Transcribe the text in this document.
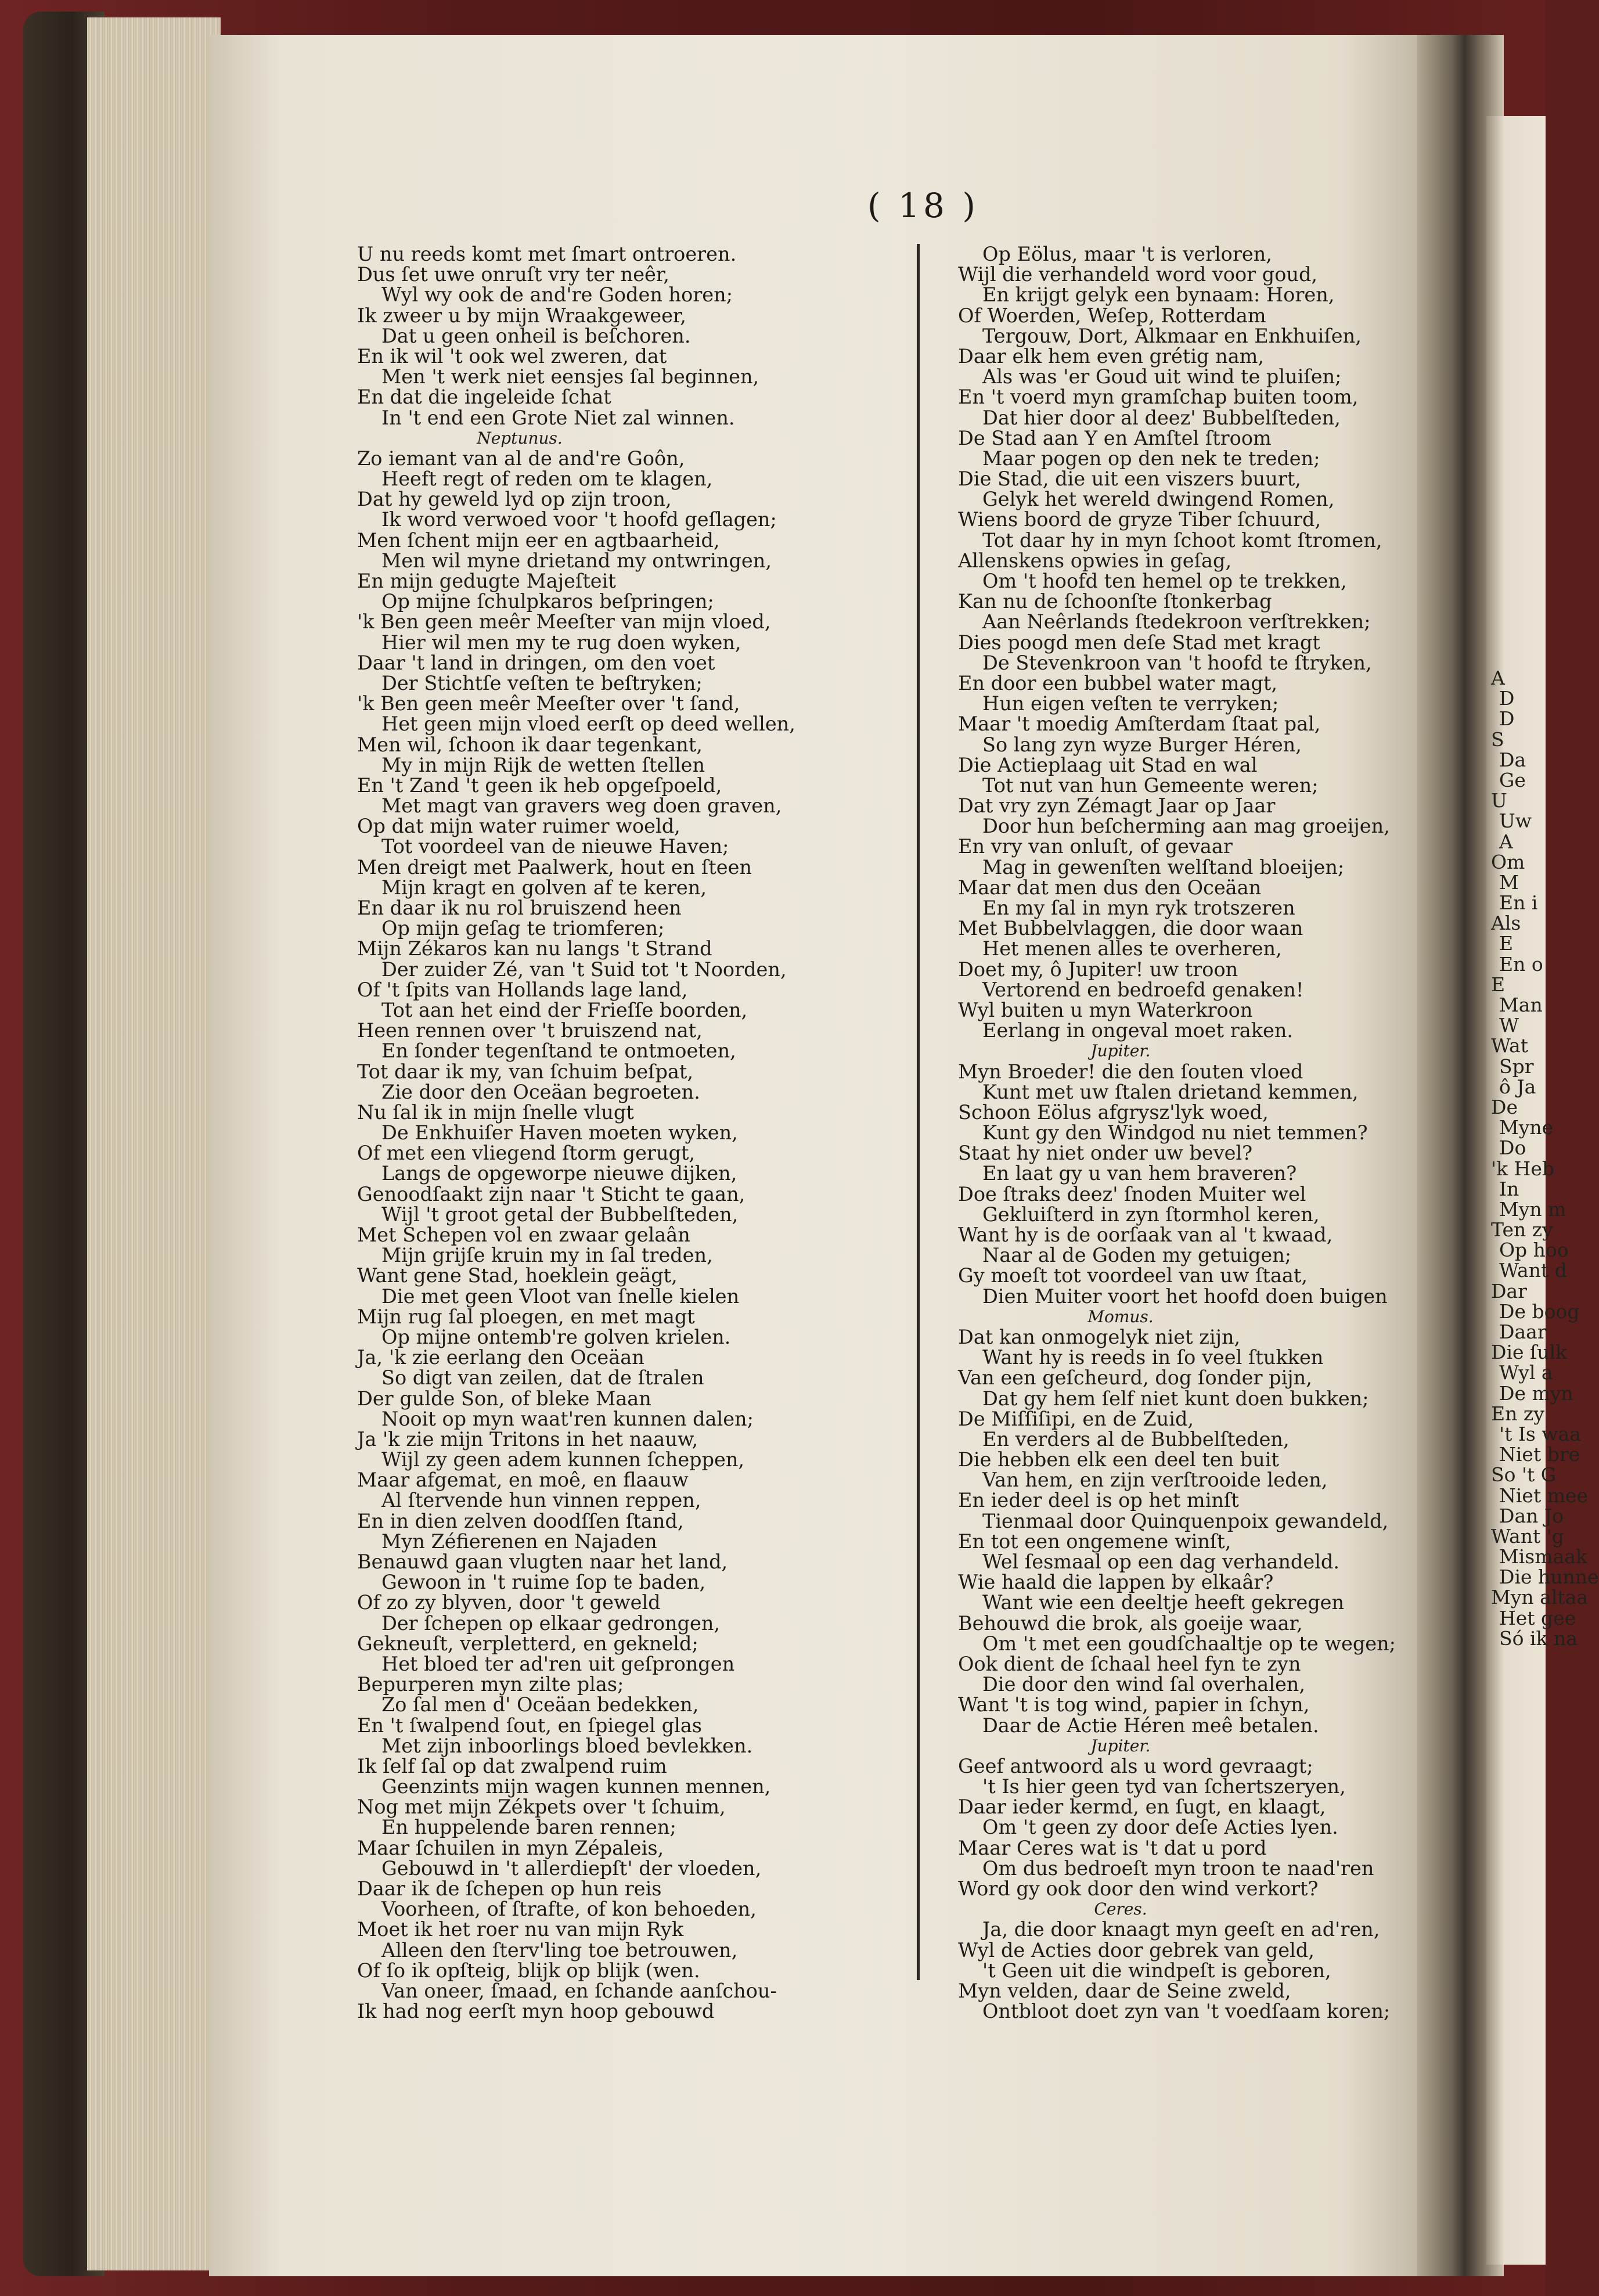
A
D
D
S
Da
Ge
U
Uw
A
Om
M
En i
Als
E
En o
E
Man
W
Wat
Spr
ô Ja
De
Myne
Do
'k Heb
In
Myn m
Ten zy
Op hoo
Want d
Dar
De boog
Daar
Die ſulk
Wyl a
De myn
En zy
't Is waa
Niet bre
So 't G
Niet mee
Dan Jo
Want 'g
Mismaak
Die hunne
Myn altaa
Het gee
Só ik na
( 18 )
U nu reeds komt met ſmart ontroeren.
Dus ſet uwe onruſt vry ter neêr,
Wyl wy ook de and're Goden horen;
Ik zweer u by mijn Wraakgeweer,
Dat u geen onheil is beſchoren.
En ik wil 't ook wel zweren, dat
Men 't werk niet eensjes ſal beginnen,
En dat die ingeleide ſchat
In 't end een Grote Niet zal winnen.
Neptunus.
Zo iemant van al de and're Goôn,
Heeft regt of reden om te klagen,
Dat hy geweld lyd op zijn troon,
Ik word verwoed voor 't hoofd geſlagen;
Men ſchent mijn eer en agtbaarheid,
Men wil myne drietand my ontwringen,
En mijn gedugte Majeſteit
Op mijne ſchulpkaros beſpringen;
'k Ben geen meêr Meeſter van mijn vloed,
Hier wil men my te rug doen wyken,
Daar 't land in dringen, om den voet
Der Stichtſe veſten te beſtryken;
'k Ben geen meêr Meeſter over 't ſand,
Het geen mijn vloed eerſt op deed wellen,
Men wil, ſchoon ik daar tegenkant,
My in mijn Rijk de wetten ſtellen
En 't Zand 't geen ik heb opgeſpoeld,
Met magt van gravers weg doen graven,
Op dat mijn water ruimer woeld,
Tot voordeel van de nieuwe Haven;
Men dreigt met Paalwerk, hout en ſteen
Mijn kragt en golven af te keren,
En daar ik nu rol bruiszend heen
Op mijn geſag te triomferen;
Mijn Zékaros kan nu langs 't Strand
Der zuider Zé, van 't Suid tot 't Noorden,
Of 't ſpits van Hollands lage land,
Tot aan het eind der Frieſſe boorden,
Heen rennen over 't bruiszend nat,
En ſonder tegenſtand te ontmoeten,
Tot daar ik my, van ſchuim beſpat,
Zie door den Oceäan begroeten.
Nu ſal ik in mijn ſnelle vlugt
De Enkhuiſer Haven moeten wyken,
Of met een vliegend ſtorm gerugt,
Langs de opgeworpe nieuwe dijken,
Genoodſaakt zijn naar 't Sticht te gaan,
Wijl 't groot getal der Bubbelſteden,
Met Schepen vol en zwaar gelaân
Mijn grijſe kruin my in ſal treden,
Want gene Stad, hoeklein geägt,
Die met geen Vloot van ſnelle kielen
Mijn rug ſal ploegen, en met magt
Op mijne ontemb're golven krielen.
Ja, 'k zie eerlang den Oceäan
So digt van zeilen, dat de ſtralen
Der gulde Son, of bleke Maan
Nooit op myn waat'ren kunnen dalen;
Ja 'k zie mijn Tritons in het naauw,
Wijl zy geen adem kunnen ſcheppen,
Maar afgemat, en moê, en flaauw
Al ſtervende hun vinnen reppen,
En in dien zelven doodſſen ſtand,
Myn Zéfierenen en Najaden
Benauwd gaan vlugten naar het land,
Gewoon in 't ruime ſop te baden,
Of zo zy blyven, door 't geweld
Der ſchepen op elkaar gedrongen,
Gekneuſt, verpletterd, en gekneld;
Het bloed ter ad'ren uit geſprongen
Bepurperen myn zilte plas;
Zo ſal men d' Oceäan bedekken,
En 't ſwalpend ſout, en ſpiegel glas
Met zijn inboorlings bloed bevlekken.
Ik ſelf ſal op dat zwalpend ruim
Geenzints mijn wagen kunnen mennen,
Nog met mijn Zékpets over 't ſchuim,
En huppelende baren rennen;
Maar ſchuilen in myn Zépaleis,
Gebouwd in 't allerdiepſt' der vloeden,
Daar ik de ſchepen op hun reis
Voorheen, of ſtrafte, of kon behoeden,
Moet ik het roer nu van mijn Ryk
Alleen den ſterv'ling toe betrouwen,
Of ſo ik opſteig, blijk op blijk (wen.
Van oneer, ſmaad, en ſchande aanſchou-
Ik had nog eerſt myn hoop gebouwd
Op Eölus, maar 't is verloren,
Wijl die verhandeld word voor goud,
En krijgt gelyk een bynaam: Horen,
Of Woerden, Weſep, Rotterdam
Tergouw, Dort, Alkmaar en Enkhuiſen,
Daar elk hem even grétig nam,
Als was 'er Goud uit wind te pluiſen;
En 't voerd myn gramſchap buiten toom,
Dat hier door al deez' Bubbelſteden,
De Stad aan Y en Amſtel ſtroom
Maar pogen op den nek te treden;
Die Stad, die uit een viszers buurt,
Gelyk het wereld dwingend Romen,
Wiens boord de gryze Tiber ſchuurd,
Tot daar hy in myn ſchoot komt ſtromen,
Allenskens opwies in geſag,
Om 't hoofd ten hemel op te trekken,
Kan nu de ſchoonſte ſtonkerbag
Aan Neêrlands ſtedekroon verſtrekken;
Dies poogd men deſe Stad met kragt
De Stevenkroon van 't hoofd te ſtryken,
En door een bubbel water magt,
Hun eigen veſten te verryken;
Maar 't moedig Amſterdam ſtaat pal,
So lang zyn wyze Burger Héren,
Die Actieplaag uit Stad en wal
Tot nut van hun Gemeente weren;
Dat vry zyn Zémagt Jaar op Jaar
Door hun beſcherming aan mag groeijen,
En vry van onluſt, of gevaar
Mag in gewenſten welſtand bloeijen;
Maar dat men dus den Oceäan
En my ſal in myn ryk trotszeren
Met Bubbelvlaggen, die door waan
Het menen alles te overheren,
Doet my, ô Jupiter! uw troon
Vertorend en bedroefd genaken!
Wyl buiten u myn Waterkroon
Eerlang in ongeval moet raken.
Jupiter.
Myn Broeder! die den ſouten vloed
Kunt met uw ſtalen drietand kemmen,
Schoon Eölus afgrysz'lyk woed,
Kunt gy den Windgod nu niet temmen?
Staat hy niet onder uw bevel?
En laat gy u van hem braveren?
Doe ſtraks deez' ſnoden Muiter wel
Gekluiſterd in zyn ſtormhol keren,
Want hy is de oorſaak van al 't kwaad,
Naar al de Goden my getuigen;
Gy moeſt tot voordeel van uw ſtaat,
Dien Muiter voort het hoofd doen buigen
Momus.
Dat kan onmogelyk niet zijn,
Want hy is reeds in ſo veel ſtukken
Van een geſcheurd, dog ſonder pijn,
Dat gy hem ſelf niet kunt doen bukken;
De Miſſiſipi, en de Zuid,
En verders al de Bubbelſteden,
Die hebben elk een deel ten buit
Van hem, en zijn verſtrooide leden,
En ieder deel is op het minſt
Tienmaal door Quinquenpoix gewandeld,
En tot een ongemene winſt,
Wel ſesmaal op een dag verhandeld.
Wie haald die lappen by elkaâr?
Want wie een deeltje heeft gekregen
Behouwd die brok, als goeije waar,
Om 't met een goudſchaaltje op te wegen;
Ook dient de ſchaal heel fyn te zyn
Die door den wind ſal overhalen,
Want 't is tog wind, papier in ſchyn,
Daar de Actie Héren meê betalen.
Jupiter.
Geef antwoord als u word gevraagt;
't Is hier geen tyd van ſchertszeryen,
Daar ieder kermd, en ſugt, en klaagt,
Om 't geen zy door deſe Acties lyen.
Maar Ceres wat is 't dat u pord
Om dus bedroeſt myn troon te naad'ren
Word gy ook door den wind verkort?
Ceres.
Ja, die door knaagt myn geeſt en ad'ren,
Wyl de Acties door gebrek van geld,
't Geen uit die windpeſt is geboren,
Myn velden, daar de Seine zweld,
Ontbloot doet zyn van 't voedſaam koren;
